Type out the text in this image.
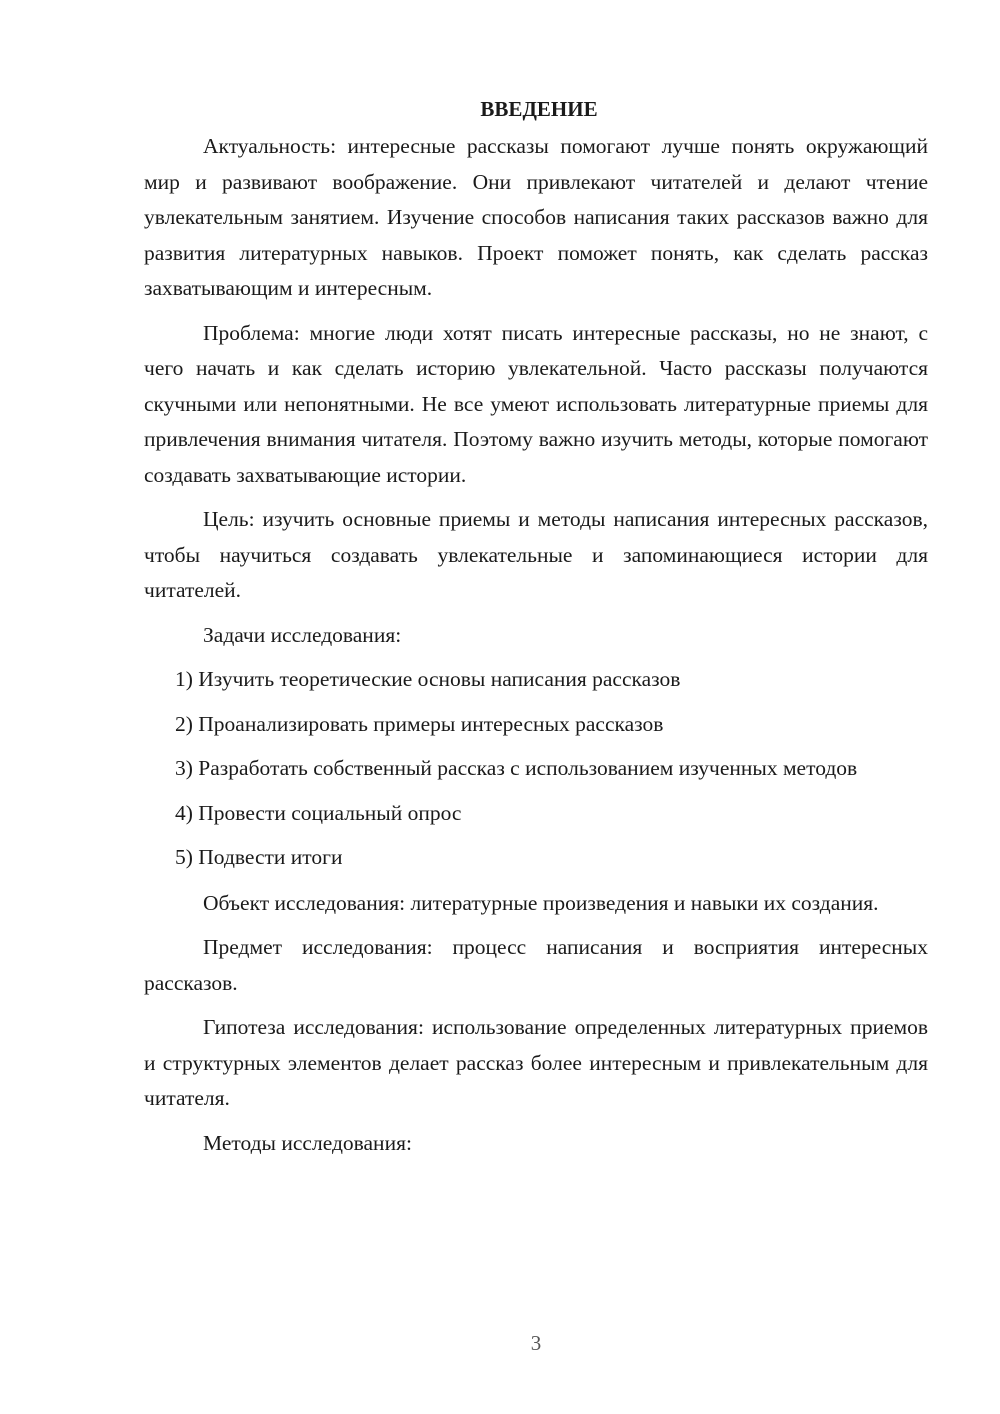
ВВЕДЕНИЕ

Актуальность: интересные рассказы помогают лучше понять окружающий мир и развивают воображение. Они привлекают читателей и делают чтение увлекательным занятием. Изучение способов написания таких рассказов важно для развития литературных навыков. Проект поможет понять, как сделать рассказ захватывающим и интересным.

Проблема: многие люди хотят писать интересные рассказы, но не знают, с чего начать и как сделать историю увлекательной. Часто рассказы получаются скучными или непонятными. Не все умеют использовать литературные приемы для привлечения внимания читателя. Поэтому важно изучить методы, которые помогают создавать захватывающие истории.

Цель: изучить основные приемы и методы написания интересных рассказов, чтобы научиться создавать увлекательные и запоминающиеся истории для читателей.

Задачи исследования:

1) Изучить теоретические основы написания рассказов

2) Проанализировать примеры интересных рассказов

3) Разработать собственный рассказ с использованием изученных методов

4) Провести социальный опрос

5) Подвести итоги

Объект исследования: литературные произведения и навыки их создания.

Предмет исследования: процесс написания и восприятия интересных рассказов.

Гипотеза исследования: использование определенных литературных приемов и структурных элементов делает рассказ более интересным и привлекательным для читателя.

Методы исследования:

3
